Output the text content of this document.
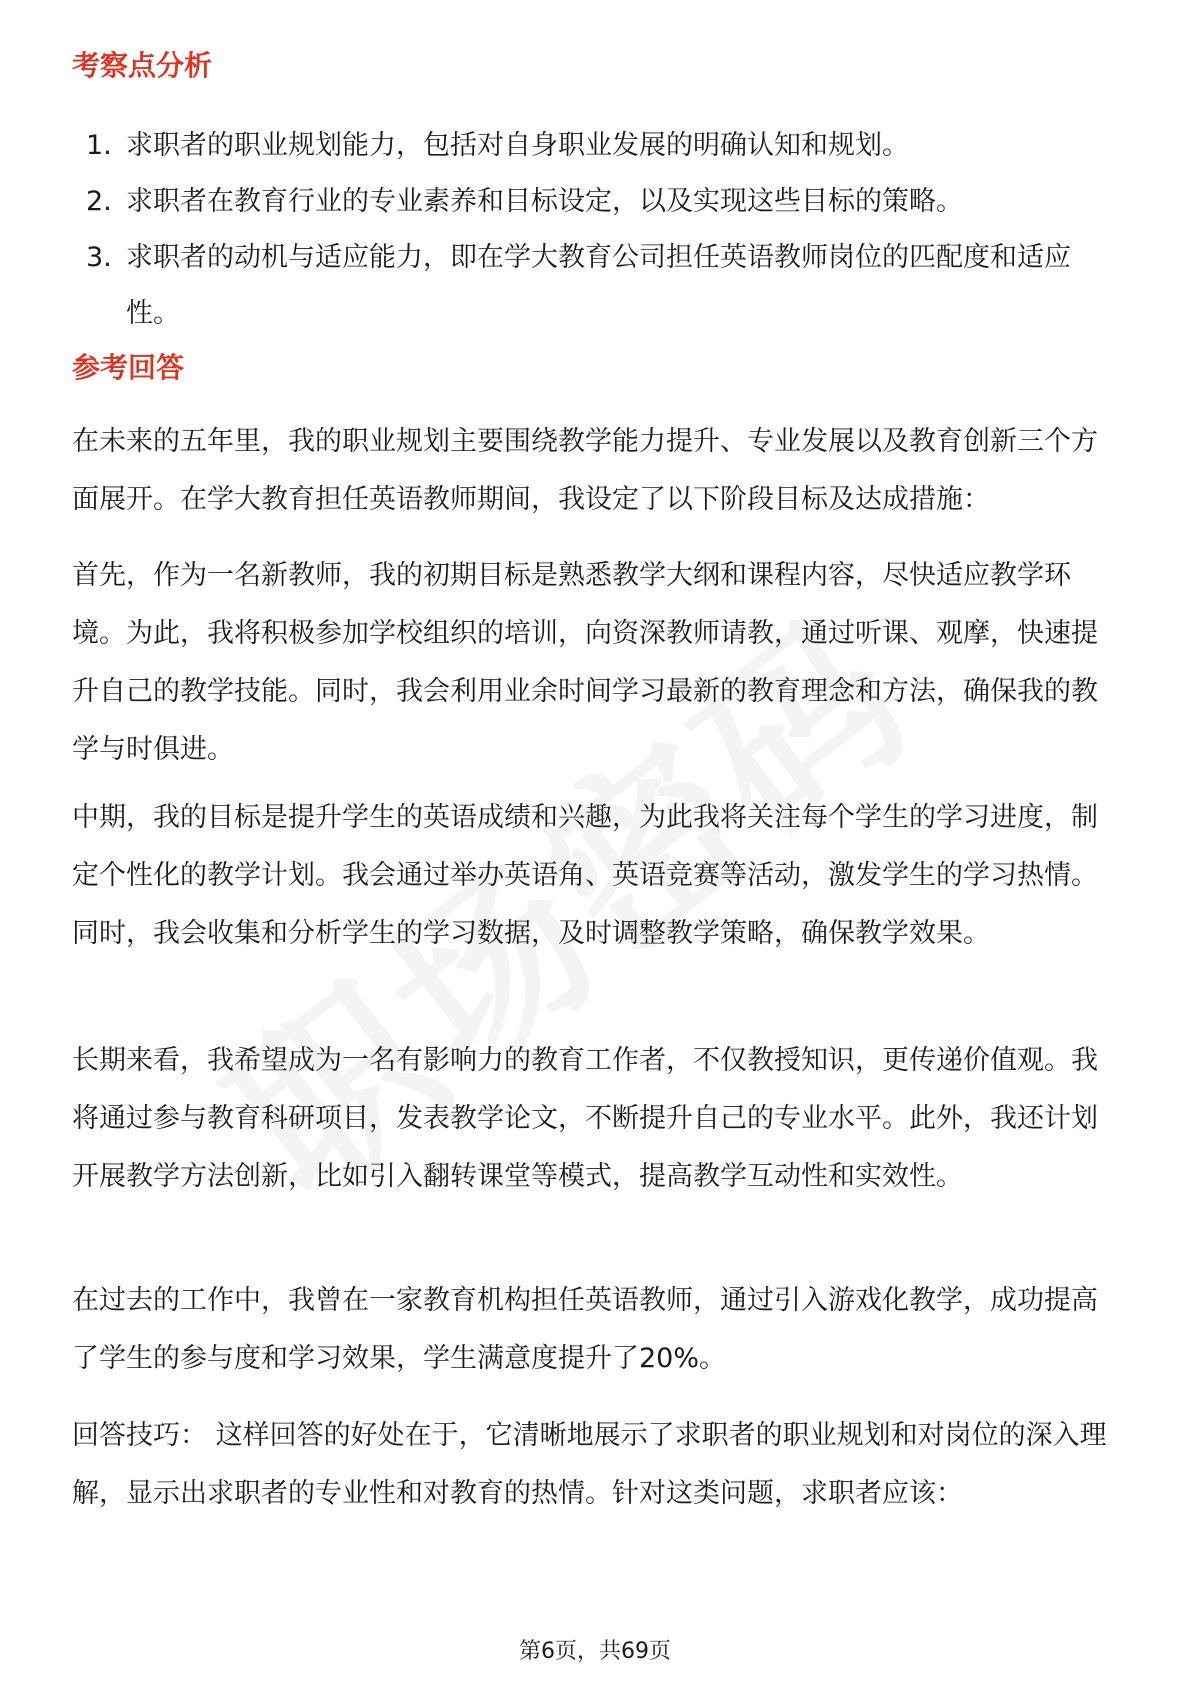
考察点分析
1. 求职者的职业规划能力，包括对自身职业发展的明确认知和规划。
2. 求职者在教育行业的专业素养和目标设定，以及实现这些目标的策略。
3. 求职者的动机与适应能力，即在学大教育公司担任英语教师岗位的匹配度和适应性。
参考回答

在未来的五年里，我的职业规划主要围绕教学能力提升、专业发展以及教育创新三个方面展开。在学大教育担任英语教师期间，我设定了以下阶段目标及达成措施：

首先，作为一名新教师，我的初期目标是熟悉教学大纲和课程内容，尽快适应教学环境。为此，我将积极参加学校组织的培训，向资深教师请教，通过听课、观摩，快速提升自己的教学技能。同时，我会利用业余时间学习最新的教育理念和方法，确保我的教学与时俱进。

中期，我的目标是提升学生的英语成绩和兴趣，为此我将关注每个学生的学习进度，制定个性化的教学计划。我会通过举办英语角、英语竞赛等活动，激发学生的学习热情。同时，我会收集和分析学生的学习数据，及时调整教学策略，确保教学效果。

长期来看，我希望成为一名有影响力的教育工作者，不仅教授知识，更传递价值观。我将通过参与教育科研项目，发表教学论文，不断提升自己的专业水平。此外，我还计划开展教学方法创新，比如引入翻转课堂等模式，提高教学互动性和实效性。

在过去的工作中，我曾在一家教育机构担任英语教师，通过引入游戏化教学，成功提高了学生的参与度和学习效果，学生满意度提升了20%。

回答技巧： 这样回答的好处在于，它清晰地展示了求职者的职业规划和对岗位的深入理解，显示出求职者的专业性和对教育的热情。针对这类问题，求职者应该：

第6页，共69页
